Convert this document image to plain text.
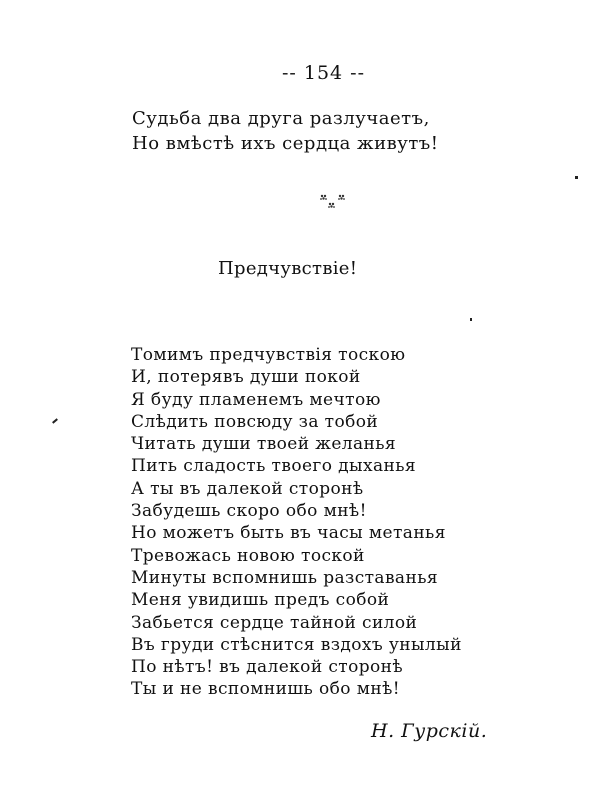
-- 154 --
Судьба два друга разлучаетъ,
Но вмѣстѣ ихъ сердца живутъ!
Предчувствіе!
Томимъ предчувствія тоскою
И, потерявъ души покой
Я буду пламенемъ мечтою
Слѣдить повсюду за тобой
Читать души твоей желанья
Пить сладость твоего дыханья
А ты въ далекой сторонѣ
Забудешь скоро обо мнѣ!
Но можетъ быть въ часы метанья
Тревожась новою тоской
Минуты вспомнишь разставанья
Меня увидишь предъ собой
Забьется сердце тайной силой
Въ груди стѣснится вздохъ унылый
По нѣтъ! въ далекой сторонѣ
Ты и не вспомнишь обо мнѣ!
Н. Гурскій.
